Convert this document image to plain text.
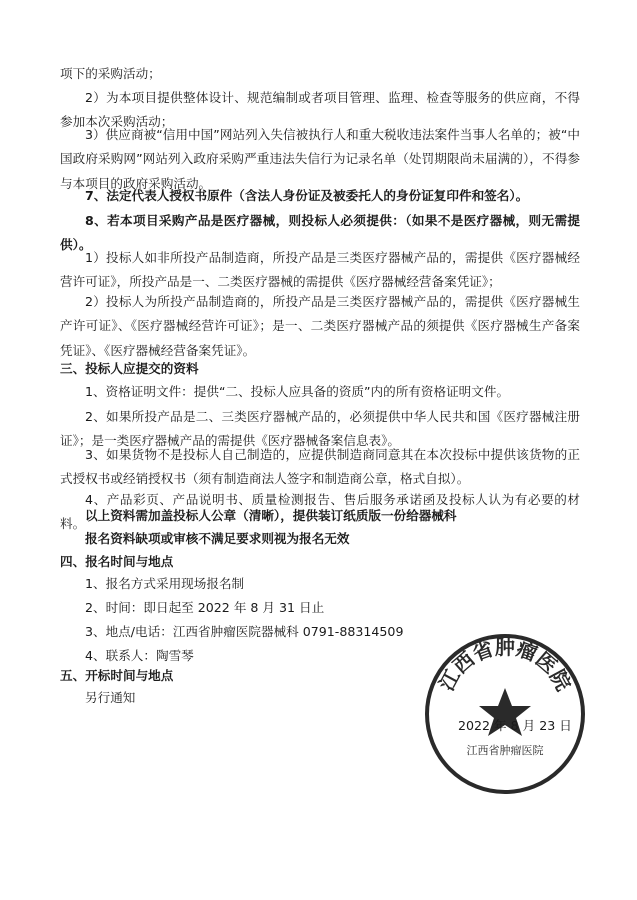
项下的采购活动；

2）为本项目提供整体设计、规范编制或者项目管理、监理、检查等服务的供应商，不得参加本次采购活动；

3）供应商被“信用中国”网站列入失信被执行人和重大税收违法案件当事人名单的；被“中国政府采购网”网站列入政府采购严重违法失信行为记录名单（处罚期限尚未届满的），不得参与本项目的政府采购活动。

7、法定代表人授权书原件（含法人身份证及被委托人的身份证复印件和签名）。

8、若本项目采购产品是医疗器械，则投标人必须提供：（如果不是医疗器械，则无需提供）。

1）投标人如非所投产品制造商，所投产品是三类医疗器械产品的，需提供《医疗器械经营许可证》，所投产品是一、二类医疗器械的需提供《医疗器械经营备案凭证》；

2）投标人为所投产品制造商的，所投产品是三类医疗器械产品的，需提供《医疗器械生产许可证》、《医疗器械经营许可证》；是一、二类医疗器械产品的须提供《医疗器械生产备案凭证》、《医疗器械经营备案凭证》。

三、投标人应提交的资料

1、资格证明文件：提供“二、投标人应具备的资质”内的所有资格证明文件。

2、如果所投产品是二、三类医疗器械产品的，必须提供中华人民共和国《医疗器械注册证》；是一类医疗器械产品的需提供《医疗器械备案信息表》。

3、如果货物不是投标人自己制造的，应提供制造商同意其在本次投标中提供该货物的正式授权书或经销授权书（须有制造商法人签字和制造商公章，格式自拟）。

4、产品彩页、产品说明书、质量检测报告、售后服务承诺函及投标人认为有必要的材料。

以上资料需加盖投标人公章（清晰），提供装订纸质版一份给器械科

报名资料缺项或审核不满足要求则视为报名无效

四、报名时间与地点

1、报名方式采用现场报名制

2、时间：即日起至 2022 年 8 月 31 日止

3、地点/电话：江西省肿瘤医院器械科 0791-88314509

4、联系人：陶雪琴

五、开标时间与地点

另行通知

江西省肿瘤医院
江西省肿瘤医院
2022 年 8 月 23 日
